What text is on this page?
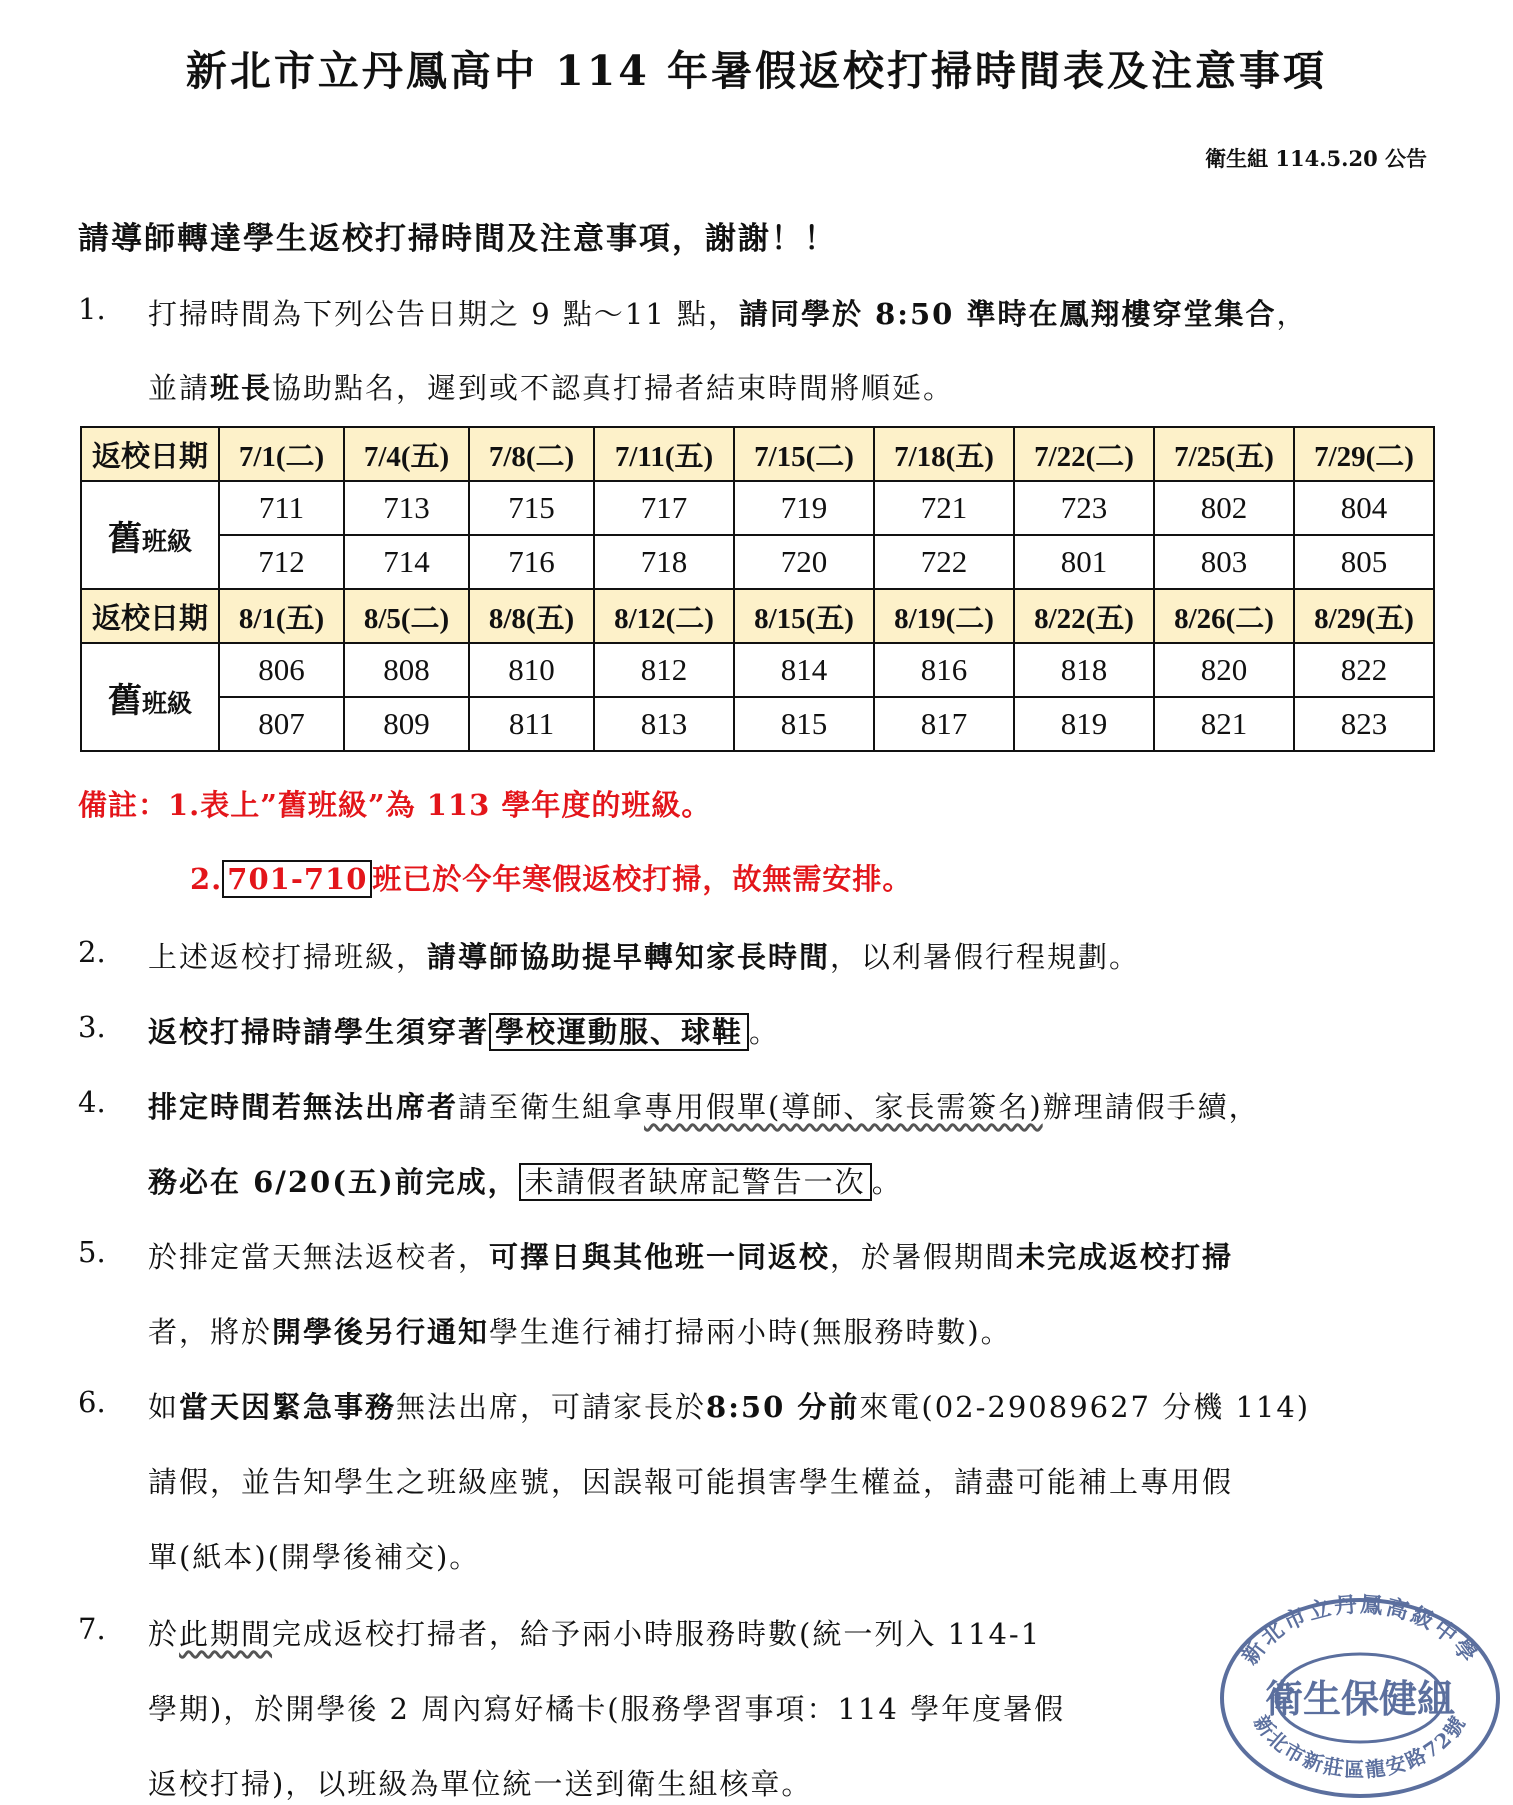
新北市立丹鳳高中 114 年暑假返校打掃時間表及注意事項
衛生組 114.5.20 公告
請導師轉達學生返校打掃時間及注意事項，謝謝！！
1. 打掃時間為下列公告日期之 9 點～11 點，請同學於 8:50 準時在鳳翔樓穿堂集合，
並請班長協助點名，遲到或不認真打掃者結束時間將順延。
返校日期	7/1(二)	7/4(五)	7/8(二)	7/11(五)	7/15(二)	7/18(五)	7/22(二)	7/25(五)	7/29(二)
舊班級	711	713	715	717	719	721	723	802	804
	712	714	716	718	720	722	801	803	805
返校日期	8/1(五)	8/5(二)	8/8(五)	8/12(二)	8/15(五)	8/19(二)	8/22(五)	8/26(二)	8/29(五)
舊班級	806	808	810	812	814	816	818	820	822
	807	809	811	813	815	817	819	821	823
備註：1.表上”舊班級”為 113 學年度的班級。
2. 701-710 班已於今年寒假返校打掃，故無需安排。
2. 上述返校打掃班級，請導師協助提早轉知家長時間，以利暑假行程規劃。
3. 返校打掃時請學生須穿著 學校運動服、球鞋 。
4. 排定時間若無法出席者請至衛生組拿專用假單(導師、家長需簽名)辦理請假手續，
務必在 6/20(五)前完成， 未請假者缺席記警告一次 。
5. 於排定當天無法返校者，可擇日與其他班一同返校，於暑假期間未完成返校打掃
者，將於開學後另行通知學生進行補打掃兩小時(無服務時數)。
6. 如當天因緊急事務無法出席，可請家長於8:50 分前來電(02-29089627 分機 114)
請假，並告知學生之班級座號，因誤報可能損害學生權益，請盡可能補上專用假
單(紙本)(開學後補交)。
7. 於此期間完成返校打掃者，給予兩小時服務時數(統一列入 114-1
學期)，於開學後 2 周內寫好橘卡(服務學習事項：114 學年度暑假
返校打掃)，以班級為單位統一送到衛生組核章。
新北市立丹鳳高級中學
新北市新莊區龍安路72號
衛生保健組
